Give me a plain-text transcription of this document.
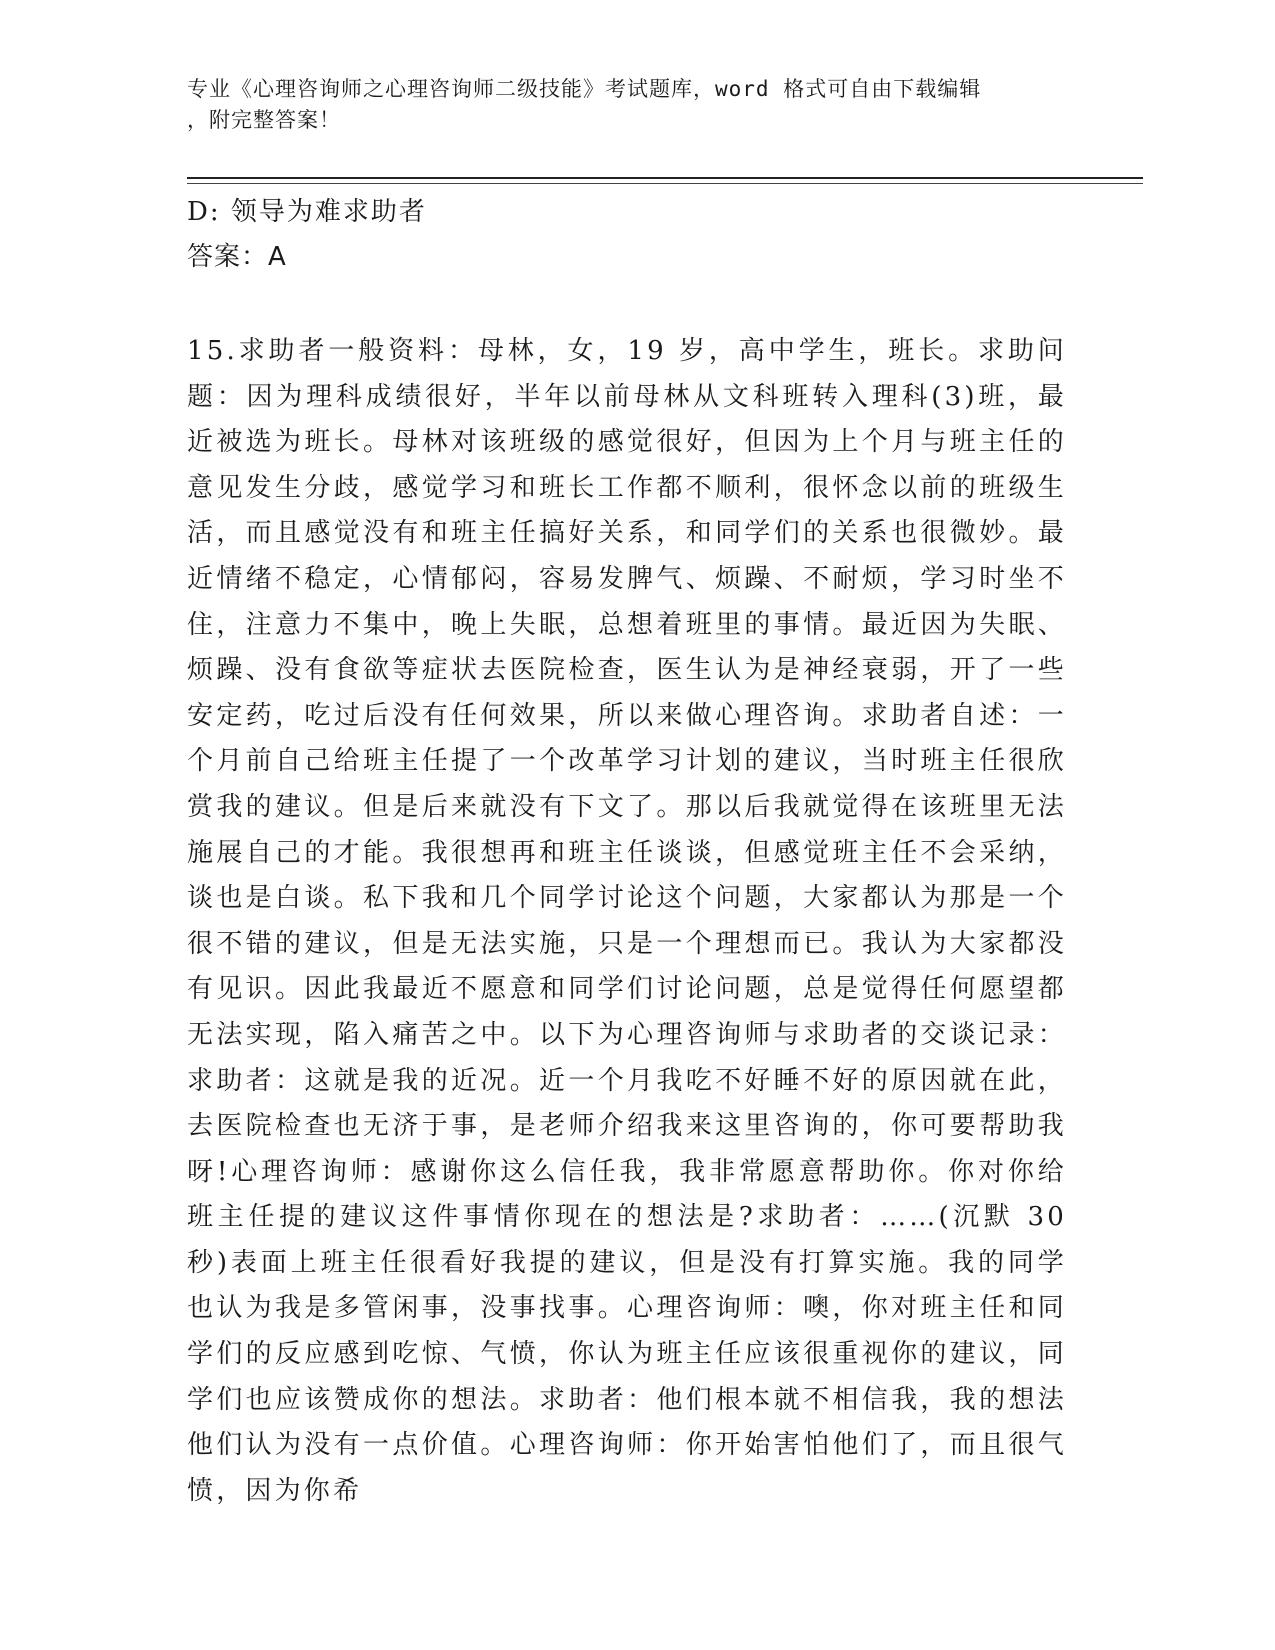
专业《心理咨询师之心理咨询师二级技能》考试题库，word 格式可自由下载编辑
，附完整答案！
D: 领导为难求助者
答案：A
15.求助者一般资料：母林，女，19 岁，高中学生，班长。求助问题：因为理科成绩很好，半年以前母林从文科班转入理科(3)班，最近被选为班长。母林对该班级的感觉很好，但因为上个月与班主任的意见发生分歧，感觉学习和班长工作都不顺利，很怀念以前的班级生活，而且感觉没有和班主任搞好关系，和同学们的关系也很微妙。最近情绪不稳定，心情郁闷，容易发脾气、烦躁、不耐烦，学习时坐不住，注意力不集中，晚上失眠，总想着班里的事情。最近因为失眠、烦躁、没有食欲等症状去医院检查，医生认为是神经衰弱，开了一些安定药，吃过后没有任何效果，所以来做心理咨询。求助者自述：一个月前自己给班主任提了一个改革学习计划的建议，当时班主任很欣赏我的建议。但是后来就没有下文了。那以后我就觉得在该班里无法施展自己的才能。我很想再和班主任谈谈，但感觉班主任不会采纳，谈也是白谈。私下我和几个同学讨论这个问题，大家都认为那是一个很不错的建议，但是无法实施，只是一个理想而已。我认为大家都没有见识。因此我最近不愿意和同学们讨论问题，总是觉得任何愿望都无法实现，陷入痛苦之中。以下为心理咨询师与求助者的交谈记录：求助者：这就是我的近况。近一个月我吃不好睡不好的原因就在此，去医院检查也无济于事，是老师介绍我来这里咨询的，你可要帮助我呀!心理咨询师：感谢你这么信任我，我非常愿意帮助你。你对你给班主任提的建议这件事情你现在的想法是?求助者：……(沉默 30 秒)表面上班主任很看好我提的建议，但是没有打算实施。我的同学也认为我是多管闲事，没事找事。心理咨询师：噢，你对班主任和同学们的反应感到吃惊、气愤，你认为班主任应该很重视你的建议，同学们也应该赞成你的想法。求助者：他们根本就不相信我，我的想法他们认为没有一点价值。心理咨询师：你开始害怕他们了，而且很气愤，因为你希
